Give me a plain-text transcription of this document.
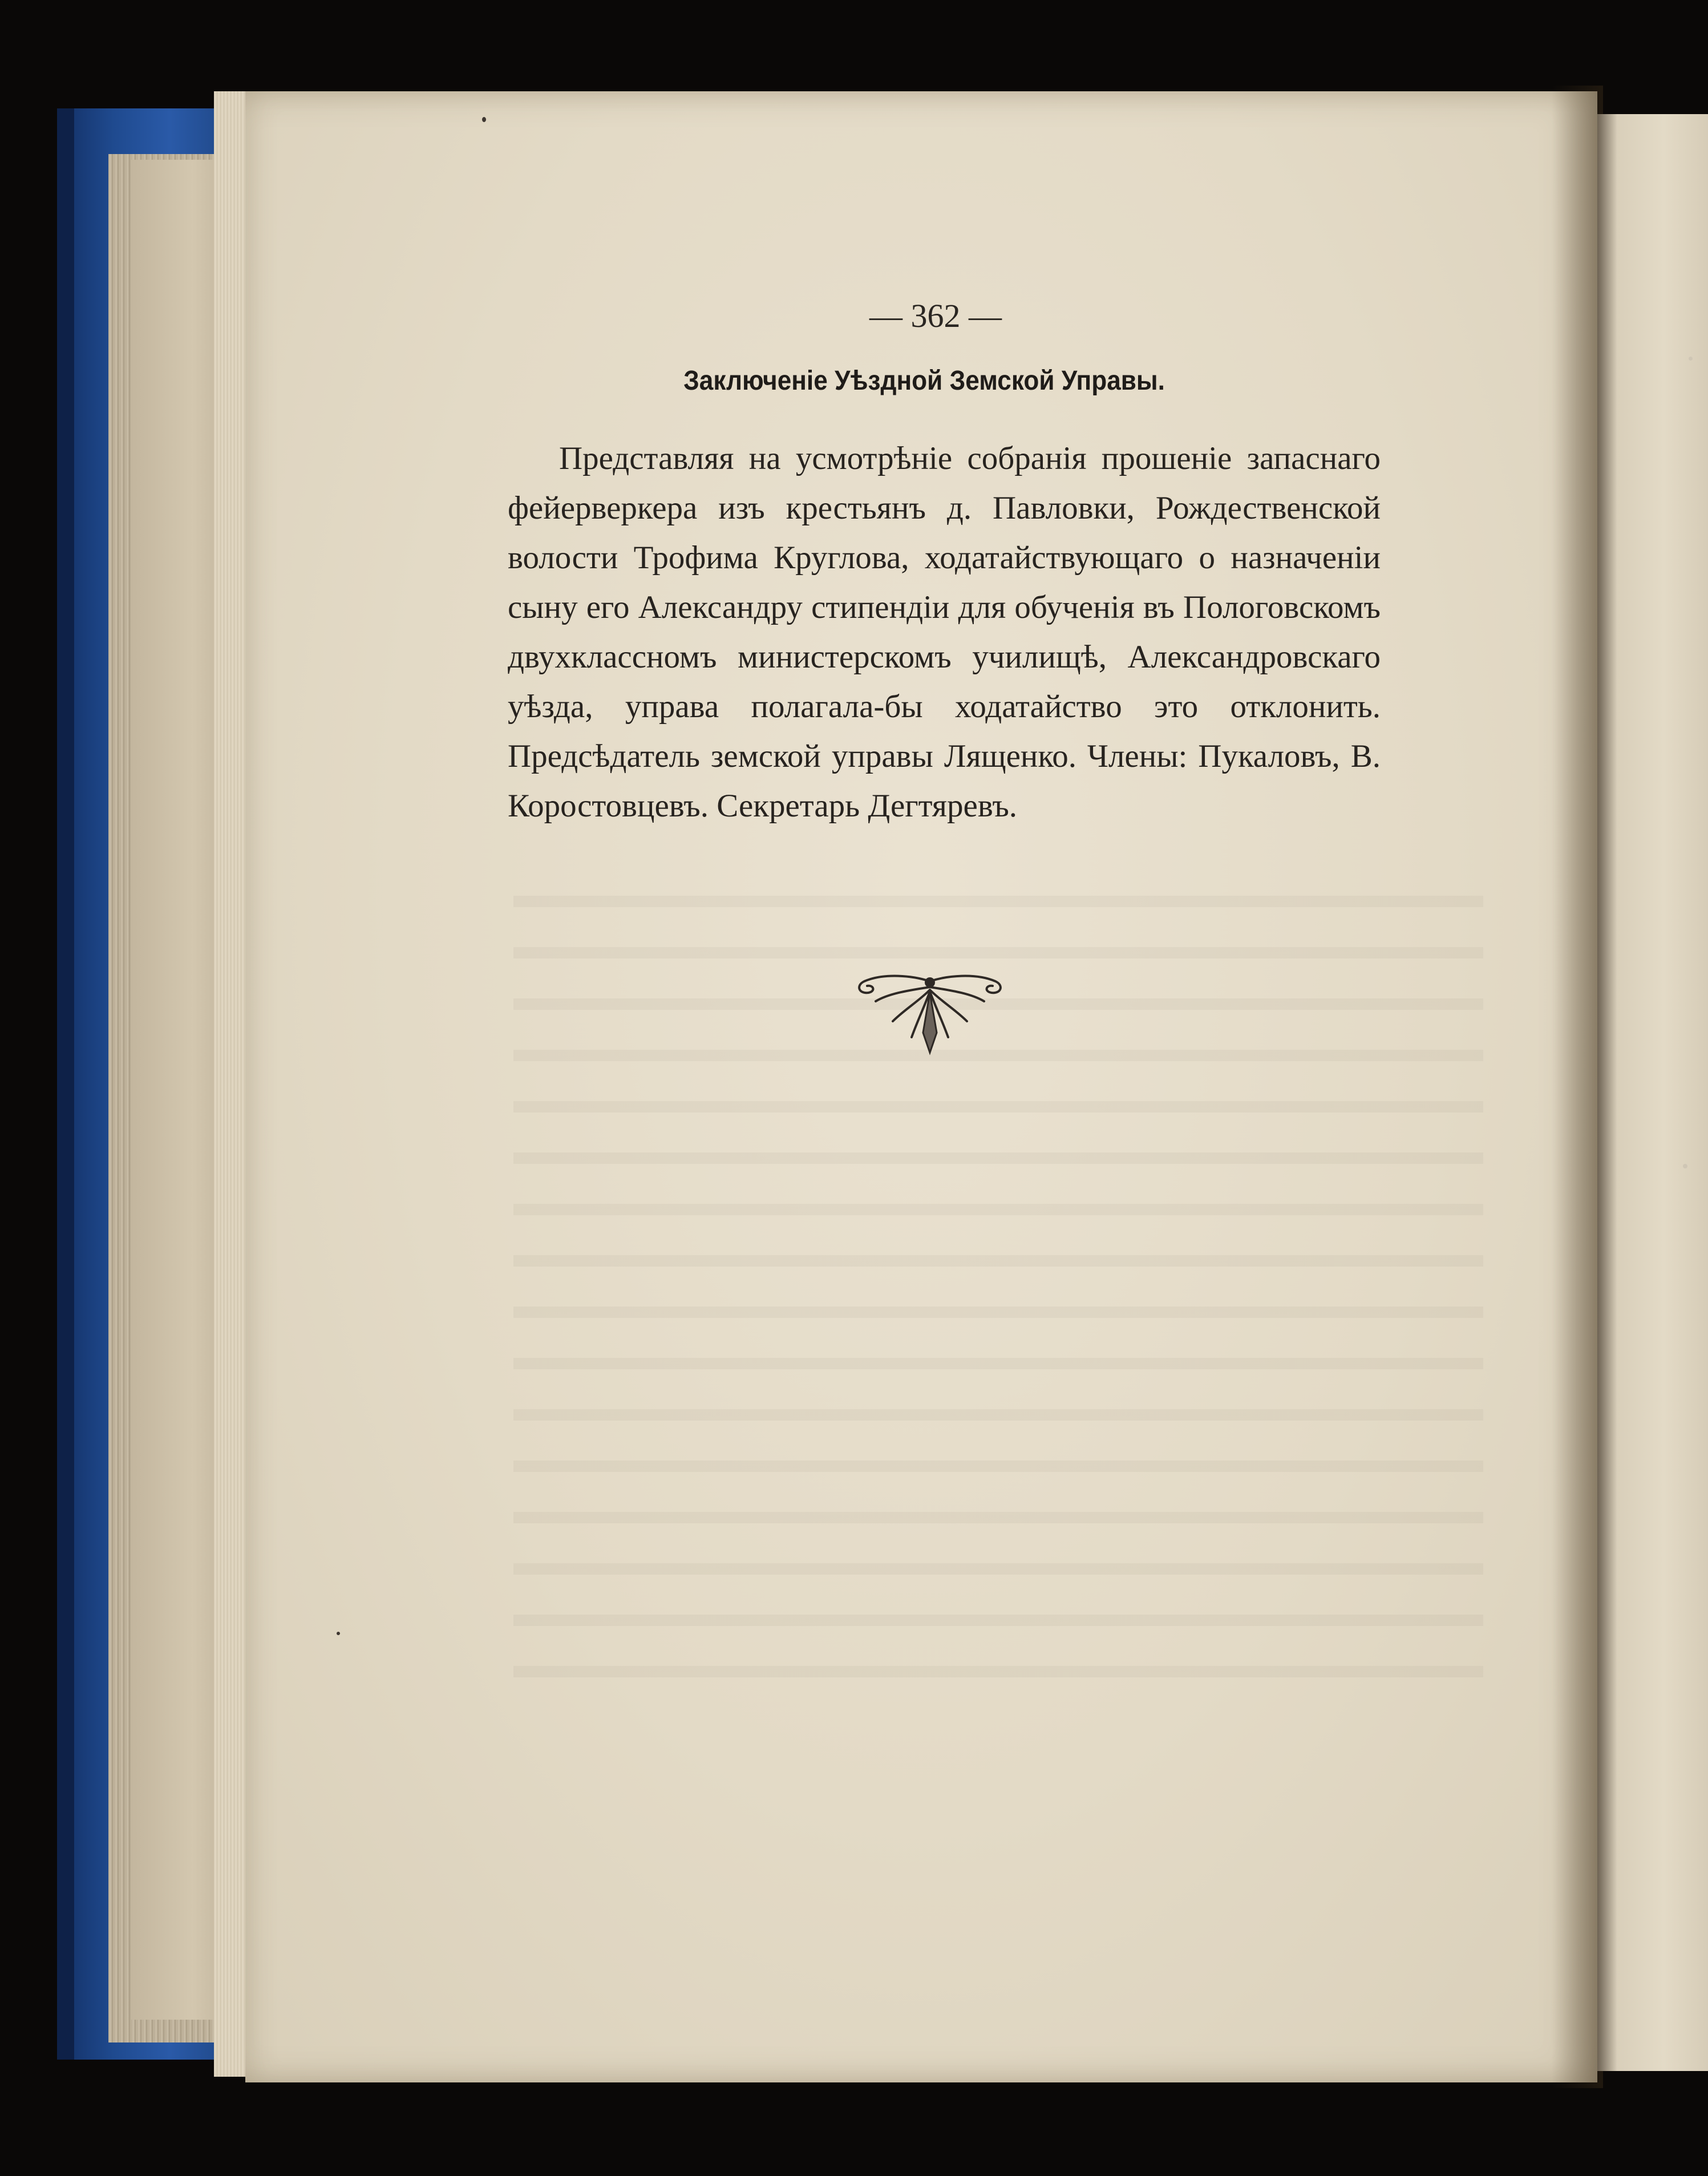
— 362 —

Заключеніе Уѣздной Земской Управы.

Представляя на усмотрѣніе собранія прошеніе запаснаго фейерверкера изъ крестьянъ д. Павловки, Рождественской волости Трофима Круглова, ходатайствующаго о назначеніи сыну его Александру стипендіи для обученія въ Пологовскомъ двухклассномъ министерскомъ училищѣ, Александровскаго уѣзда, управа полагала-бы ходатайство это отклонить. Предсѣдатель земской управы Лященко. Члены: Пукаловъ, В. Коростовцевъ. Секретарь Дегтяревъ.
